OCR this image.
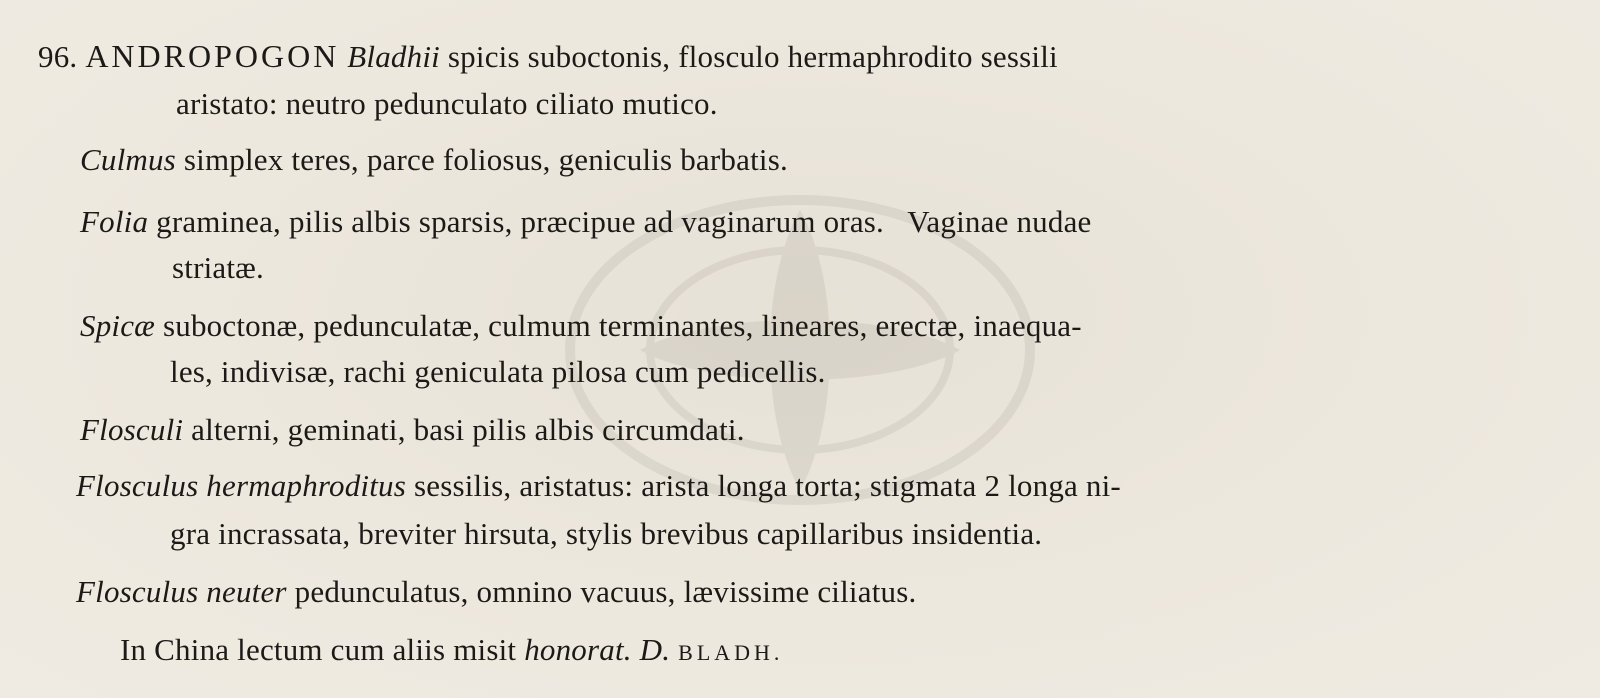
96. ANDROPOGON Bladhii spicis suboctonis, flosculo hermaphrodito sessili
aristato: neutro pedunculato ciliato mutico.
Culmus simplex teres, parce foliosus, geniculis barbatis.
Folia graminea, pilis albis sparsis, præcipue ad vaginarum oras.   Vaginae nudae
striatæ.
Spicæ suboctonæ, pedunculatæ, culmum terminantes, lineares, erectæ, inaequa-
les, indivisæ, rachi geniculata pilosa cum pedicellis.
Flosculi alterni, geminati, basi pilis albis circumdati.
Flosculus hermaphroditus sessilis, aristatus: arista longa torta; stigmata 2 longa ni-
gra incrassata, breviter hirsuta, stylis brevibus capillaribus insidentia.
Flosculus neuter pedunculatus, omnino vacuus, lævissime ciliatus.
In China lectum cum aliis misit honorat. D. BLADH.
